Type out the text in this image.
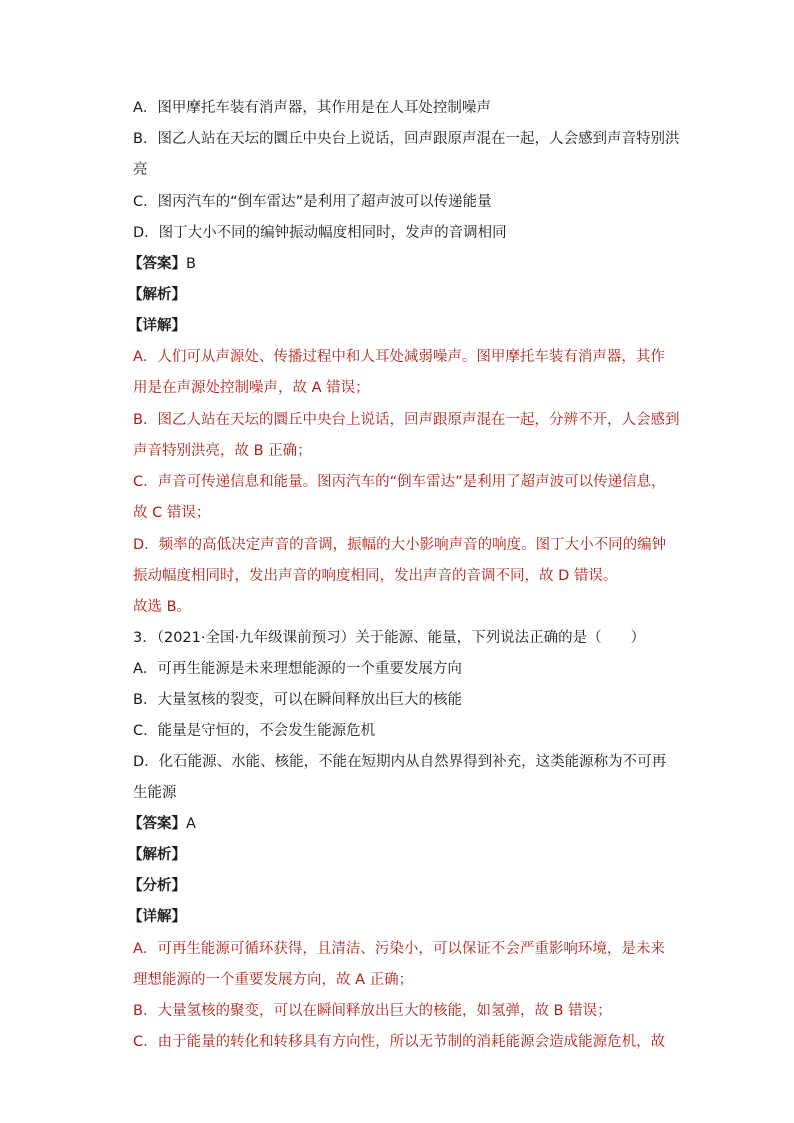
A．图甲摩托车装有消声器，其作用是在人耳处控制噪声
B．图乙人站在天坛的圜丘中央台上说话，回声跟原声混在一起，人会感到声音特别洪
亮
C．图丙汽车的“倒车雷达”是利用了超声波可以传递能量
D．图丁大小不同的编钟振动幅度相同时，发声的音调相同
【答案】B
【解析】
【详解】
A．人们可从声源处、传播过程中和人耳处减弱噪声。图甲摩托车装有消声器，其作
用是在声源处控制噪声，故 A 错误；
B．图乙人站在天坛的圜丘中央台上说话，回声跟原声混在一起，分辨不开，人会感到
声音特别洪亮，故 B 正确；
C．声音可传递信息和能量。图丙汽车的“倒车雷达”是利用了超声波可以传递信息，
故 C 错误；
D．频率的高低决定声音的音调，振幅的大小影响声音的响度。图丁大小不同的编钟
振动幅度相同时，发出声音的响度相同，发出声音的音调不同，故 D 错误。
故选 B。
3．（2021·全国·九年级课前预习）关于能源、能量，下列说法正确的是（　　）
A．可再生能源是未来理想能源的一个重要发展方向
B．大量氢核的裂变，可以在瞬间释放出巨大的核能
C．能量是守恒的，不会发生能源危机
D．化石能源、水能、核能，不能在短期内从自然界得到补充，这类能源称为不可再
生能源
【答案】A
【解析】
【分析】
【详解】
A．可再生能源可循环获得，且清洁、污染小，可以保证不会严重影响环境，是未来
理想能源的一个重要发展方向，故 A 正确；
B．大量氢核的聚变，可以在瞬间释放出巨大的核能，如氢弹，故 B 错误；
C．由于能量的转化和转移具有方向性，所以无节制的消耗能源会造成能源危机，故
